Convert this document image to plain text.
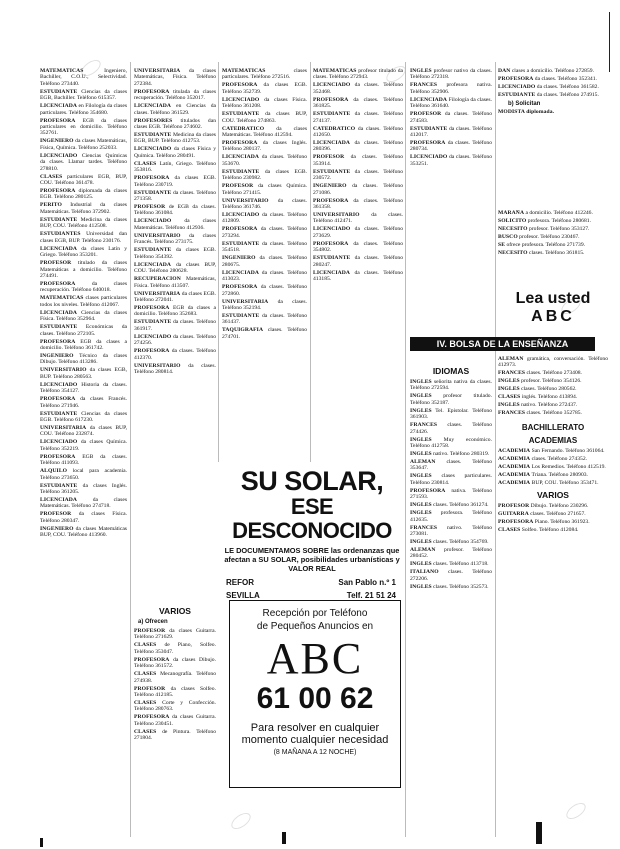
MATEMATICAS Ingeniero, Bachiller, C.O.U., Selectividad. Teléfono 273440.
ESTUDIANTE Ciencias da clases EGB, Bachiller. Teléfono 615357.
LICENCIADA en Filología da clases particulares. Teléfono 354680.
PROFESORA EGB da clases particulares en domicilio. Teléfono 352761.
INGENIERO da clases Matemáticas, Física, Química. Teléfono 252033.
LICENCIADO Ciencias Químicas da clases. Llamar tardes. Teléfono 278810.
CLASES particulares EGB, BUP, COU. Teléfono 361478.
PROFESORA diplomada da clases EGB. Teléfono 280125.
PERITO Industrial da clases Matemáticas. Teléfono 372902.
ESTUDIANTE Medicina da clases BUP, COU. Teléfono 412508.
ESTUDIANTES Universidad dan clases EGB, BUP. Teléfono 230176.
LICENCIADA da clases Latín y Griego. Teléfono 353201.
PROFESOR titulado da clases Matemáticas a domicilio. Teléfono 274491.
PROFESORA da clases recuperación. Teléfono 640018.
MATEMATICAS clases particulares todos los niveles. Teléfono 412067.
LICENCIADA Ciencias da clases Física. Teléfono 352964.
ESTUDIANTE Económicas da clases. Teléfono 272105.
PROFESORA EGB da clases a domicilio. Teléfono 361742.
INGENIERO Técnico da clases Dibujo. Teléfono 413286.
UNIVERSITARIO da clases EGB, BUP. Teléfono 280563.
LICENCIADO Historia da clases. Teléfono 354127.
PROFESORA da clases Francés. Teléfono 271946.
ESTUDIANTE Ciencias da clases EGB. Teléfono 617230.
UNIVERSITARIA da clases BUP, COU. Teléfono 232874.
LICENCIADO da clases Química. Teléfono 352219.
PROFESORA EGB da clases. Teléfono 411093.
ALQUILO local para academia. Teléfono 273650.
ESTUDIANTE da clases Inglés. Teléfono 361205.
LICENCIADA da clases Matemáticas. Teléfono 274718.
PROFESOR da clases Física. Teléfono 280347.
INGENIERO da clases Matemáticas BUP, COU. Teléfono 413960.
UNIVERSITARIA da clases Matemáticas, Física. Teléfono 272384.
PROFESORA titulada da clases recuperación. Teléfono 352017.
LICENCIADA en Ciencias da clases. Teléfono 361529.
PROFESORES titulados dan clases EGB. Teléfono 274602.
ESTUDIANTE Medicina da clases EGB, BUP. Teléfono 412753.
LICENCIADO da clases Física y Química. Teléfono 280491.
CLASES Latín, Griego. Teléfono 353816.
PROFESORA da clases EGB. Teléfono 230719.
ESTUDIANTE da clases. Teléfono 271358.
PROFESOR de EGB da clases. Teléfono 361084.
LICENCIADO da clases Matemáticas. Teléfono 412936.
UNIVERSITARIO da clases Francés. Teléfono 273175.
ESTUDIANTE da clases EGB. Teléfono 354392.
LICENCIADA da clases BUP, COU. Teléfono 280628.
RECUPERACION Matemáticas, Física. Teléfono 413507.
UNIVERSITARIA da clases EGB. Teléfono 272041.
PROFESORA EGB da clases a domicilio. Teléfono 352683.
ESTUDIANTE da clases. Teléfono 361917.
LICENCIADO da clases. Teléfono 274256.
PROFESORA da clases. Teléfono 412370.
UNIVERSITARIO da clases. Teléfono 280814.
VARIOS
a) Ofrecen
PROFESOR da clases Guitarra. Teléfono 271629.
CLASES de Piano, Solfeo. Teléfono 353047.
PROFESORA da clases Dibujo. Teléfono 361572.
CLASES Mecanografía. Teléfono 274938.
PROFESOR da clases Solfeo. Teléfono 412185.
CLASES Corte y Confección. Teléfono 280763.
PROFESORA da clases Guitarra. Teléfono 230451.
CLASES de Pintura. Teléfono 271804.
MATEMATICAS clases particulares. Teléfono 272516.
PROFESORA da clases EGB. Teléfono 352739.
LICENCIADO da clases Física. Teléfono 361208.
ESTUDIANTE da clases BUP, COU. Teléfono 274863.
CATEDRATICO da clases Matemáticas. Teléfono 412594.
PROFESORA da clases Inglés. Teléfono 280137.
LICENCIADA da clases. Teléfono 353670.
ESTUDIANTE da clases EGB. Teléfono 230982.
PROFESOR da clases Química. Teléfono 271415.
UNIVERSITARIO da clases. Teléfono 361746.
LICENCIADO da clases. Teléfono 412809.
PROFESORA da clases. Teléfono 273294.
ESTUDIANTE da clases. Teléfono 354518.
INGENIERO da clases. Teléfono 280675.
LICENCIADA da clases. Teléfono 413023.
PROFESORA da clases. Teléfono 272860.
UNIVERSITARIA da clases. Teléfono 352194.
ESTUDIANTE da clases. Teléfono 361437.
TAQUIGRAFIA clases. Teléfono 274701.
MATEMATICAS profesor titulado da clases. Teléfono 272943.
LICENCIADO da clases. Teléfono 352468.
PROFESORA da clases. Teléfono 361825.
ESTUDIANTE da clases. Teléfono 274137.
CATEDRATICO da clases. Teléfono 412650.
LICENCIADA da clases. Teléfono 280396.
PROFESOR da clases. Teléfono 353914.
ESTUDIANTE da clases. Teléfono 230572.
INGENIERO da clases. Teléfono 271086.
PROFESORA da clases. Teléfono 361358.
UNIVERSITARIO da clases. Teléfono 412471.
LICENCIADO da clases. Teléfono 273629.
PROFESORA da clases. Teléfono 354802.
ESTUDIANTE da clases. Teléfono 280247.
LICENCIADA da clases. Teléfono 413185.
SU SOLAR,
ESE DESCONOCIDO
LE DOCUMENTAMOS SOBRE las ordenanzas que afectan a SU SOLAR, posibilidades urbanísticas y VALOR REAL
REFOR	San Pablo n.º 1
SEVILLA	Telf. 21 51 24
Recepción por Teléfono
de Pequeños Anuncios en
ABC
61 00 62
Para resolver en cualquier
momento cualquier necesidad
(8 MAÑANA A 12 NOCHE)
INGLES profesor nativo da clases. Teléfono 272318.
FRANCES profesora nativa. Teléfono 352906.
LICENCIADA Filología da clases. Teléfono 361640.
PROFESOR da clases. Teléfono 274583.
ESTUDIANTE da clases. Teléfono 412017.
PROFESORA da clases. Teléfono 280734.
LICENCIADO da clases. Teléfono 353251.
IV. BOLSA DE LA ENSEÑANZA
IDIOMAS
INGLES señorita nativa da clases. Teléfono 272594.
INGLES profesor titulado. Teléfono 352187.
INGLES Tel. Epistolar. Teléfono 361903.
FRANCES clases. Teléfono 274426.
INGLES Muy económico. Teléfono 412758.
INGLES nativo. Teléfono 280319.
ALEMAN clases. Teléfono 353647.
INGLES clases particulares. Teléfono 230814.
PROFESORA nativa. Teléfono 271593.
INGLES clases. Teléfono 361274.
INGLES profesora. Teléfono 412635.
FRANCES nativo. Teléfono 273081.
INGLES clases. Teléfono 354769.
ALEMAN profesor. Teléfono 280452.
INGLES clases. Teléfono 413718.
ITALIANO clases. Teléfono 272206.
INGLES clases. Teléfono 352573.
DAN clases a domicilio. Teléfono 272859.
PROFESORA da clases. Teléfono 352341.
LICENCIADO da clases. Teléfono 361582.
ESTUDIANTE da clases. Teléfono 274915.
b) Solicitan
MODISTA diplomada.
MARAÑA a domicilio. Teléfono 412246.
SOLICITO profesora. Teléfono 280681.
NECESITO profesor. Teléfono 353127.
BUSCO profesor. Teléfono 230467.
SE ofrece profesora. Teléfono 271739.
NECESITO clases. Teléfono 361815.
Lea usted
ABC
ALEMAN gramática, conversación. Teléfono 412973.
FRANCES clases. Teléfono 273408.
INGLES profesor. Teléfono 354126.
INGLES clases. Teléfono 280562.
CLASES inglés. Teléfono 413894.
INGLES nativo. Teléfono 272437.
FRANCES clases. Teléfono 352785.
BACHILLERATO
ACADEMIAS
ACADEMIA San Fernando. Teléfono 361064.
ACADEMIA clases. Teléfono 274352.
ACADEMIA Los Remedios. Teléfono 412519.
ACADEMIA Triana. Teléfono 280903.
ACADEMIA BUP, COU. Teléfono 353471.
VARIOS
PROFESOR Dibujo. Teléfono 230296.
GUITARRA clases. Teléfono 271657.
PROFESORA Piano. Teléfono 361923.
CLASES Solfeo. Teléfono 412084.
